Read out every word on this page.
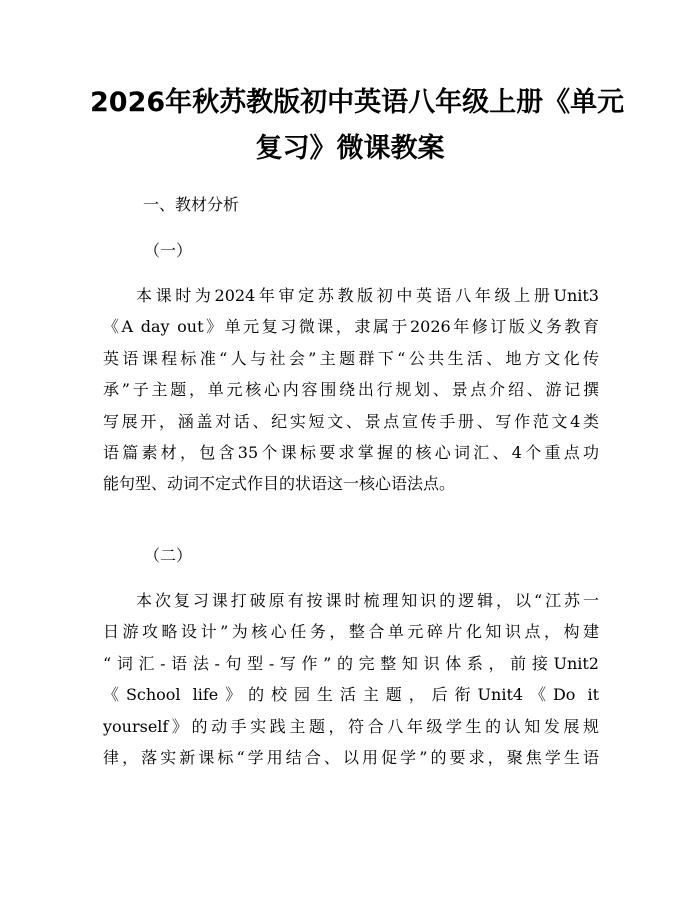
2026年秋苏教版初中英语八年级上册《单元
复习》微课教案

一、教材分析

（一）

本课时为2024年审定苏教版初中英语八年级上册Unit3
《A day out》单元复习微课，隶属于2026年修订版义务教育
英语课程标准“人与社会”主题群下“公共生活、地方文化传
承”子主题，单元核心内容围绕出行规划、景点介绍、游记撰
写展开，涵盖对话、纪实短文、景点宣传手册、写作范文4类
语篇素材，包含35个课标要求掌握的核心词汇、4个重点功
能句型、动词不定式作目的状语这一核心语法点。

（二）

本次复习课打破原有按课时梳理知识的逻辑，以“江苏一
日游攻略设计”为核心任务，整合单元碎片化知识点，构建
“词汇-语法-句型-写作”的完整知识体系，前接Unit2
《School life》的校园生活主题，后衔Unit4《Do it
yourself》的动手实践主题，符合八年级学生的认知发展规
律，落实新课标“学用结合、以用促学”的要求，聚焦学生语
